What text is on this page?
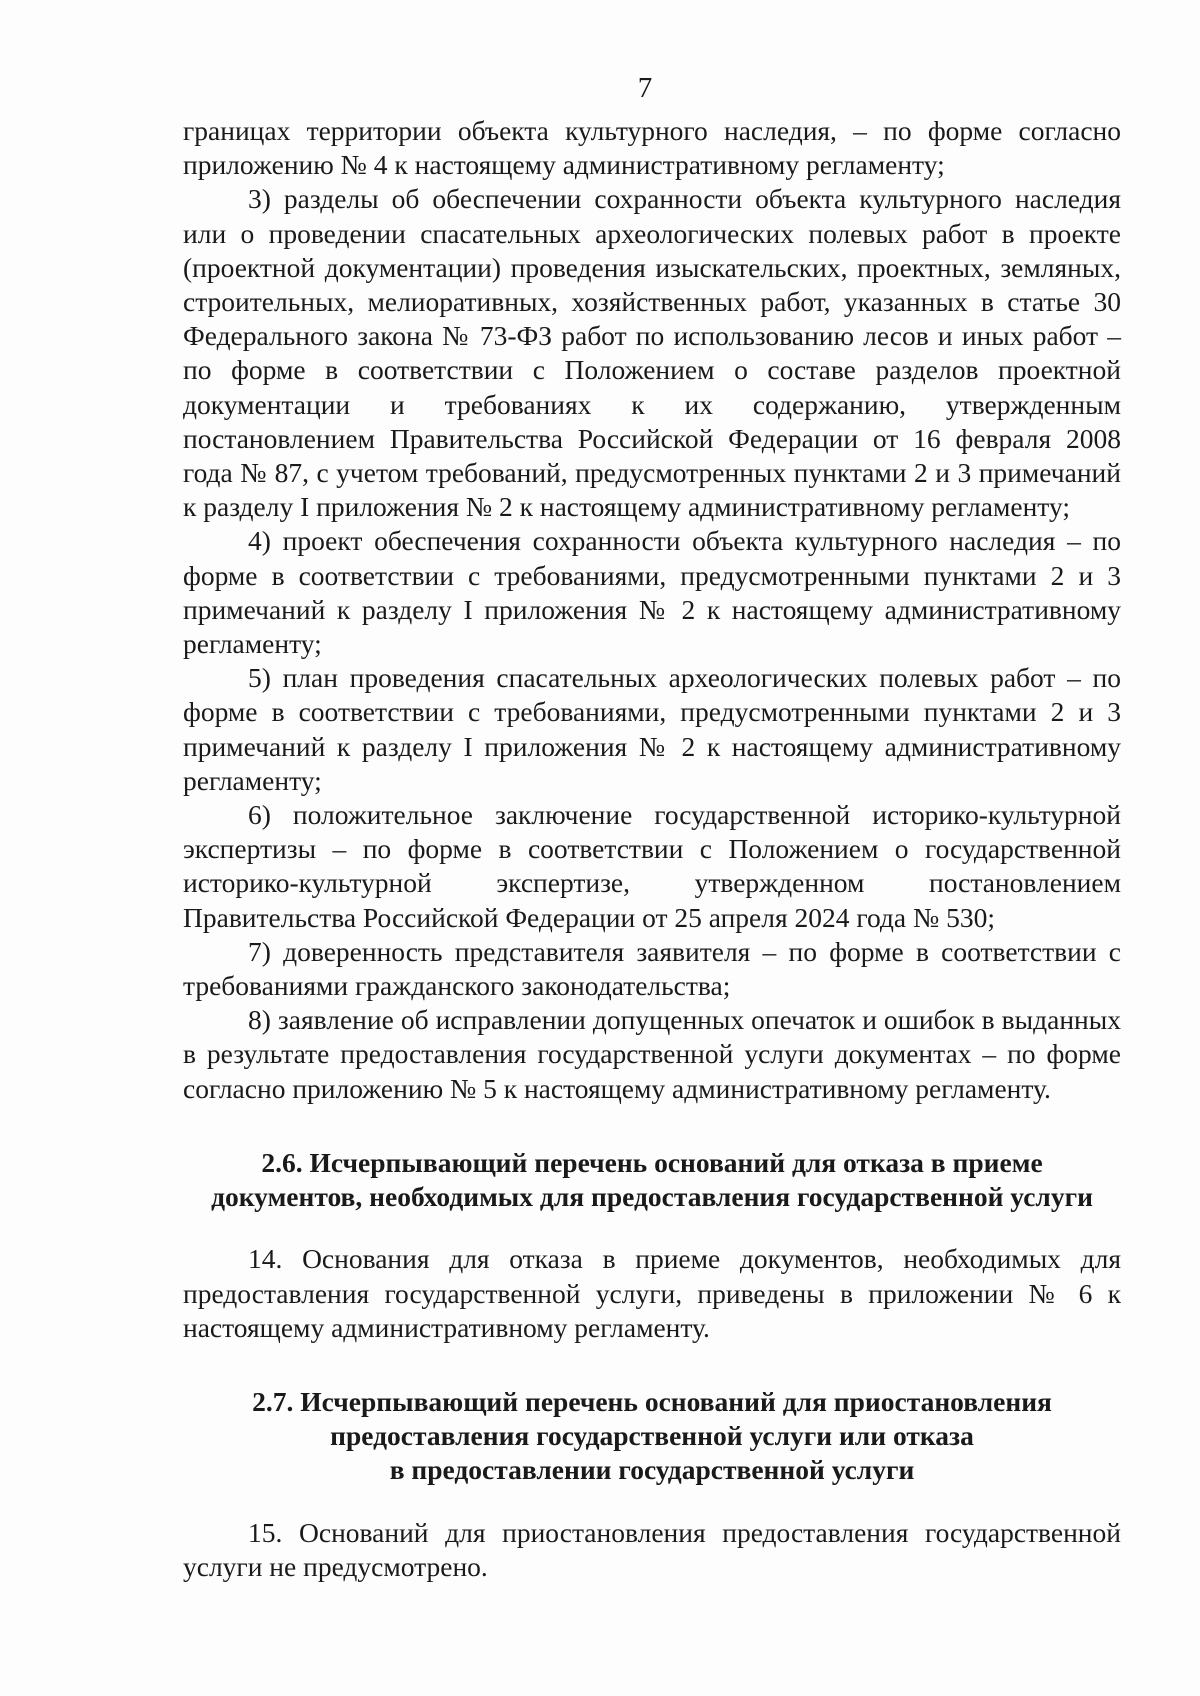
7

границах территории объекта культурного наследия, – по форме согласно приложению № 4 к настоящему административному регламенту;

3) разделы об обеспечении сохранности объекта культурного наследия или о проведении спасательных археологических полевых работ в проекте (проектной документации) проведения изыскательских, проектных, земляных, строительных, мелиоративных, хозяйственных работ, указанных в статье 30 Федерального закона № 73-ФЗ работ по использованию лесов и иных работ – по форме в соответствии с Положением о составе разделов проектной документации и требованиях к их содержанию, утвержденным постановлением Правительства Российской Федерации от 16 февраля 2008 года № 87, с учетом требований, предусмотренных пунктами 2 и 3 примечаний к разделу I приложения № 2 к настоящему административному регламенту;

4) проект обеспечения сохранности объекта культурного наследия – по форме в соответствии с требованиями, предусмотренными пунктами 2 и 3 примечаний к разделу I приложения № 2 к настоящему административному регламенту;

5) план проведения спасательных археологических полевых работ – по форме в соответствии с требованиями, предусмотренными пунктами 2 и 3 примечаний к разделу I приложения № 2 к настоящему административному регламенту;

6) положительное заключение государственной историко-культурной экспертизы – по форме в соответствии с Положением о государственной историко-культурной экспертизе, утвержденном постановлением Правительства Российской Федерации от 25 апреля 2024 года № 530;

7) доверенность представителя заявителя – по форме в соответствии с требованиями гражданского законодательства;

8) заявление об исправлении допущенных опечаток и ошибок в выданных в результате предоставления государственной услуги документах – по форме согласно приложению № 5 к настоящему административному регламенту.

2.6. Исчерпывающий перечень оснований для отказа в приеме
документов, необходимых для предоставления государственной услуги

14. Основания для отказа в приеме документов, необходимых для предоставления государственной услуги, приведены в приложении № 6 к настоящему административному регламенту.

2.7. Исчерпывающий перечень оснований для приостановления
предоставления государственной услуги или отказа
в предоставлении государственной услуги

15. Оснований для приостановления предоставления государственной услуги не предусмотрено.
